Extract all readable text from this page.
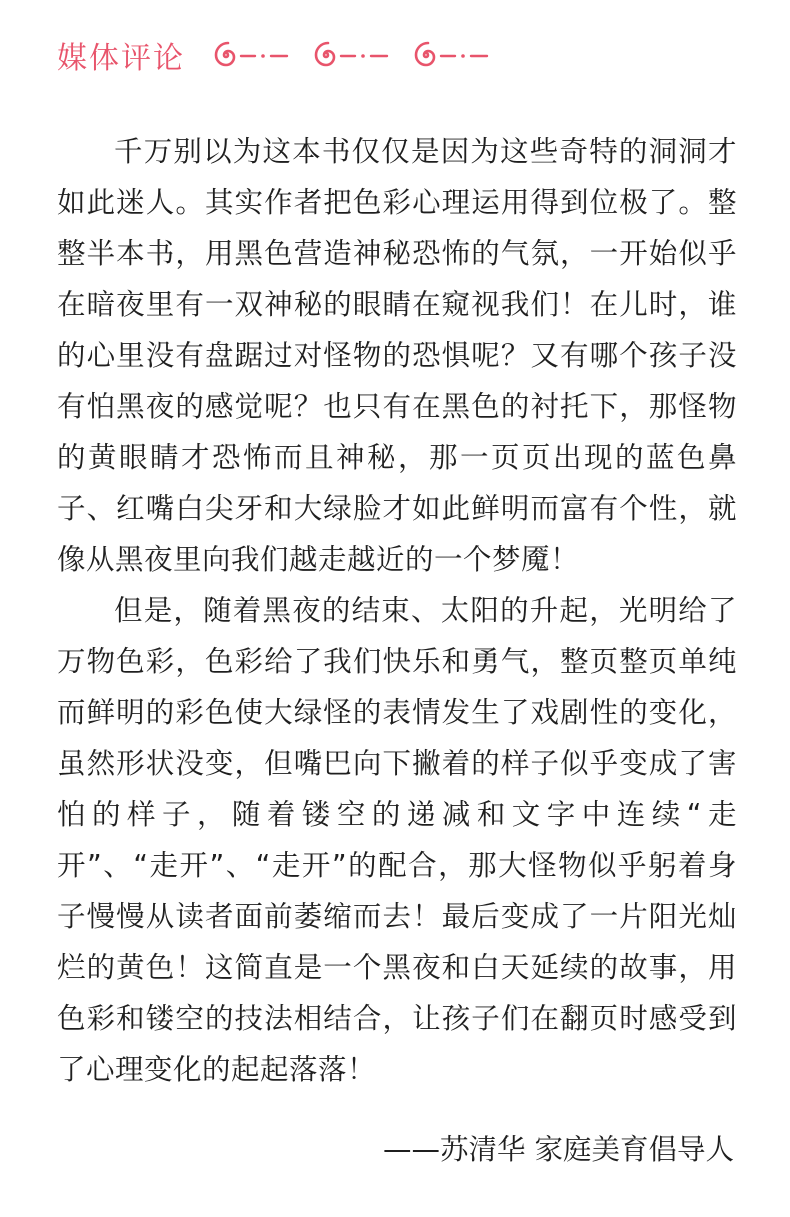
媒体评论

千万别以为这本书仅仅是因为这些奇特的洞洞才如此迷人。其实作者把色彩心理运用得到位极了。整整半本书，用黑色营造神秘恐怖的气氛，一开始似乎在暗夜里有一双神秘的眼睛在窥视我们！在儿时，谁的心里没有盘踞过对怪物的恐惧呢？又有哪个孩子没有怕黑夜的感觉呢？也只有在黑色的衬托下，那怪物的黄眼睛才恐怖而且神秘，那一页页出现的蓝色鼻子、红嘴白尖牙和大绿脸才如此鲜明而富有个性，就像从黑夜里向我们越走越近的一个梦魇！

但是，随着黑夜的结束、太阳的升起，光明给了万物色彩，色彩给了我们快乐和勇气，整页整页单纯而鲜明的彩色使大绿怪的表情发生了戏剧性的变化，虽然形状没变，但嘴巴向下撇着的样子似乎变成了害怕的样子，随着镂空的递减和文字中连续“走开”、“走开”、“走开”的配合，那大怪物似乎躬着身子慢慢从读者面前萎缩而去！最后变成了一片阳光灿烂的黄色！这简直是一个黑夜和白天延续的故事，用色彩和镂空的技法相结合，让孩子们在翻页时感受到了心理变化的起起落落！

——苏清华 家庭美育倡导人
